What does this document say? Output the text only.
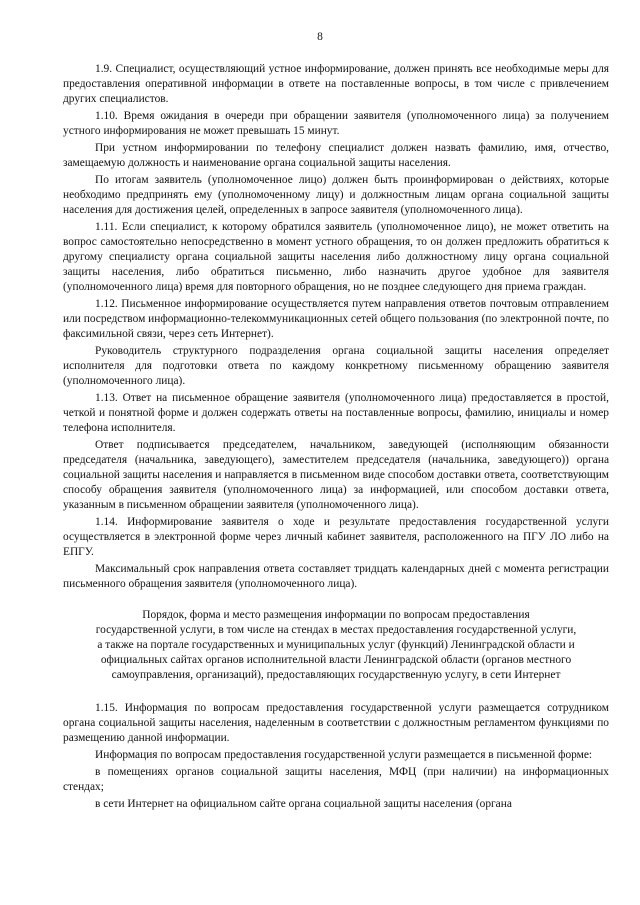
8

1.9. Специалист, осуществляющий устное информирование, должен принять все необходимые меры для предоставления оперативной информации в ответе на поставленные вопросы, в том числе с привлечением других специалистов.

1.10. Время ожидания в очереди при обращении заявителя (уполномоченного лица) за получением устного информирования не может превышать 15 минут.

При устном информировании по телефону специалист должен назвать фамилию, имя, отчество, замещаемую должность и наименование органа социальной защиты населения.

По итогам заявитель (уполномоченное лицо) должен быть проинформирован о действиях, которые необходимо предпринять ему (уполномоченному лицу) и должностным лицам органа социальной защиты населения для достижения целей, определенных в запросе заявителя (уполномоченного лица).

1.11. Если специалист, к которому обратился заявитель (уполномоченное лицо), не может ответить на вопрос самостоятельно непосредственно в момент устного обращения, то он должен предложить обратиться к другому специалисту органа социальной защиты населения либо должностному лицу органа социальной защиты населения, либо обратиться письменно, либо назначить другое удобное для заявителя (уполномоченного лица) время для повторного обращения, но не позднее следующего дня приема граждан.

1.12. Письменное информирование осуществляется путем направления ответов почтовым отправлением или посредством информационно-телекоммуникационных сетей общего пользования (по электронной почте, по факсимильной связи, через сеть Интернет).

Руководитель структурного подразделения органа социальной защиты населения определяет исполнителя для подготовки ответа по каждому конкретному письменному обращению заявителя (уполномоченного лица).

1.13. Ответ на письменное обращение заявителя (уполномоченного лица) предоставляется в простой, четкой и понятной форме и должен содержать ответы на поставленные вопросы, фамилию, инициалы и номер телефона исполнителя.

Ответ подписывается председателем, начальником, заведующей (исполняющим обязанности председателя (начальника, заведующего), заместителем председателя (начальника, заведующего)) органа социальной защиты населения и направляется в письменном виде способом доставки ответа, соответствующим способу обращения заявителя (уполномоченного лица) за информацией, или способом доставки ответа, указанным в письменном обращении заявителя (уполномоченного лица).

1.14. Информирование заявителя о ходе и результате предоставления государственной услуги осуществляется в электронной форме через личный кабинет заявителя, расположенного на ПГУ ЛО либо на ЕПГУ.

Максимальный срок направления ответа составляет тридцать календарных дней с момента регистрации письменного обращения заявителя (уполномоченного лица).

Порядок, форма и место размещения информации по вопросам предоставления
государственной услуги, в том числе на стендах в местах предоставления государственной услуги,
а также на портале государственных и муниципальных услуг (функций) Ленинградской области и
официальных сайтах органов исполнительной власти Ленинградской области (органов местного
самоуправления, организаций), предоставляющих государственную услугу, в сети Интернет

1.15. Информация по вопросам предоставления государственной услуги размещается сотрудником органа социальной защиты населения, наделенным в соответствии с должностным регламентом функциями по размещению данной информации.

Информация по вопросам предоставления государственной услуги размещается в письменной форме:

в помещениях органов социальной защиты населения, МФЦ (при наличии) на информационных стендах;

в сети Интернет на официальном сайте органа социальной защиты населения (органа
